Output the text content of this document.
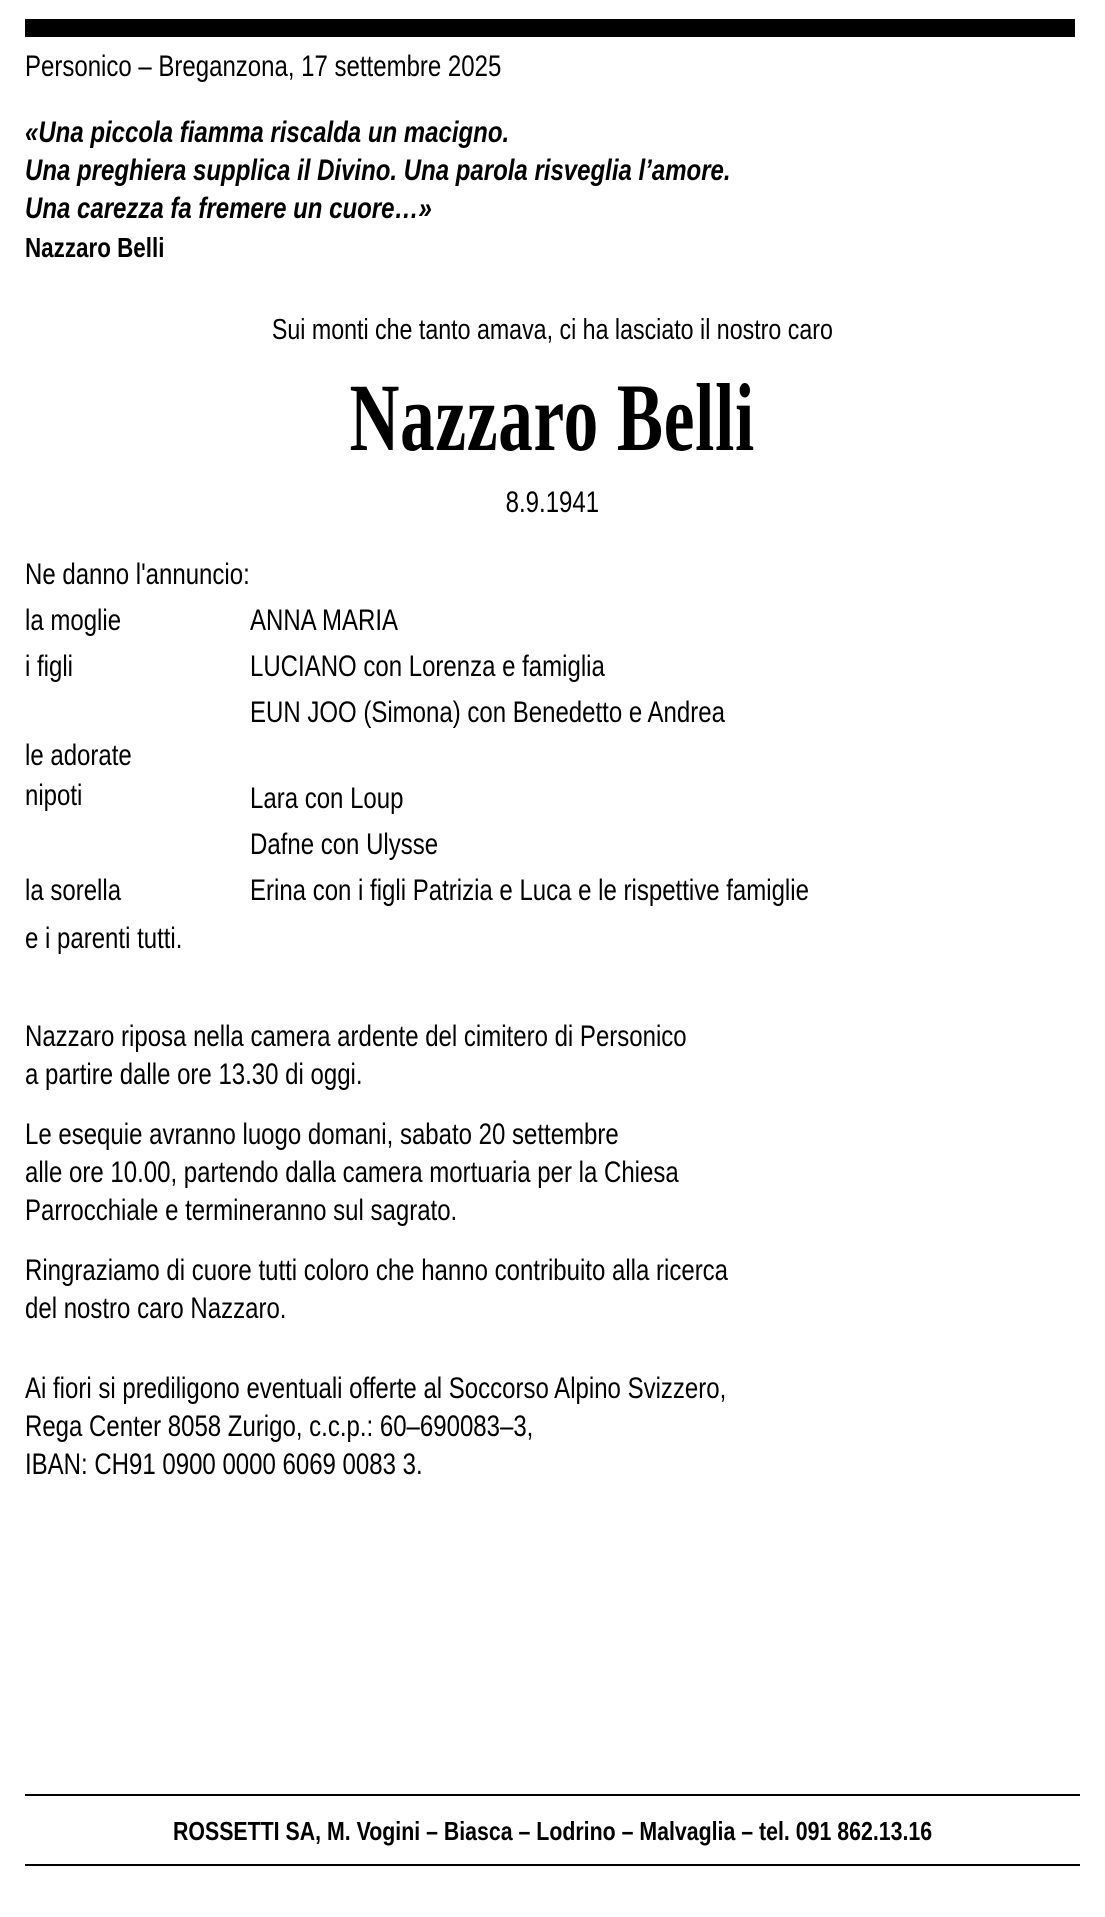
Personico – Breganzona, 17 settembre 2025
«Una piccola fiamma riscalda un macigno.
Una preghiera supplica il Divino. Una parola risveglia l’amore.
Una carezza fa fremere un cuore…»
Nazzaro Belli
Sui monti che tanto amava, ci ha lasciato il nostro caro
Nazzaro Belli
8.9.1941
Ne danno l'annuncio:
la moglie	ANNA MARIA

i figli	LUCIANO con Lorenza e famiglia
EUN JOO (Simona) con Benedetto e Andrea

le adorate
nipoti	Lara con Loup
Dafne con Ulysse

la sorella	Erina con i figli Patrizia e Luca e le rispettive famiglie
e i parenti tutti.
Nazzaro riposa nella camera ardente del cimitero di Personico
a partire dalle ore 13.30 di oggi.
Le esequie avranno luogo domani, sabato 20 settembre
alle ore 10.00, partendo dalla camera mortuaria per la Chiesa
Parrocchiale e termineranno sul sagrato.
Ringraziamo di cuore tutti coloro che hanno contribuito alla ricerca
del nostro caro Nazzaro.
Ai fiori si prediligono eventuali offerte al Soccorso Alpino Svizzero,
Rega Center 8058 Zurigo, c.c.p.: 60–690083–3,
IBAN: CH91 0900 0000 6069 0083 3.
ROSSETTI SA, M. Vogini – Biasca – Lodrino – Malvaglia – tel. 091 862.13.16
